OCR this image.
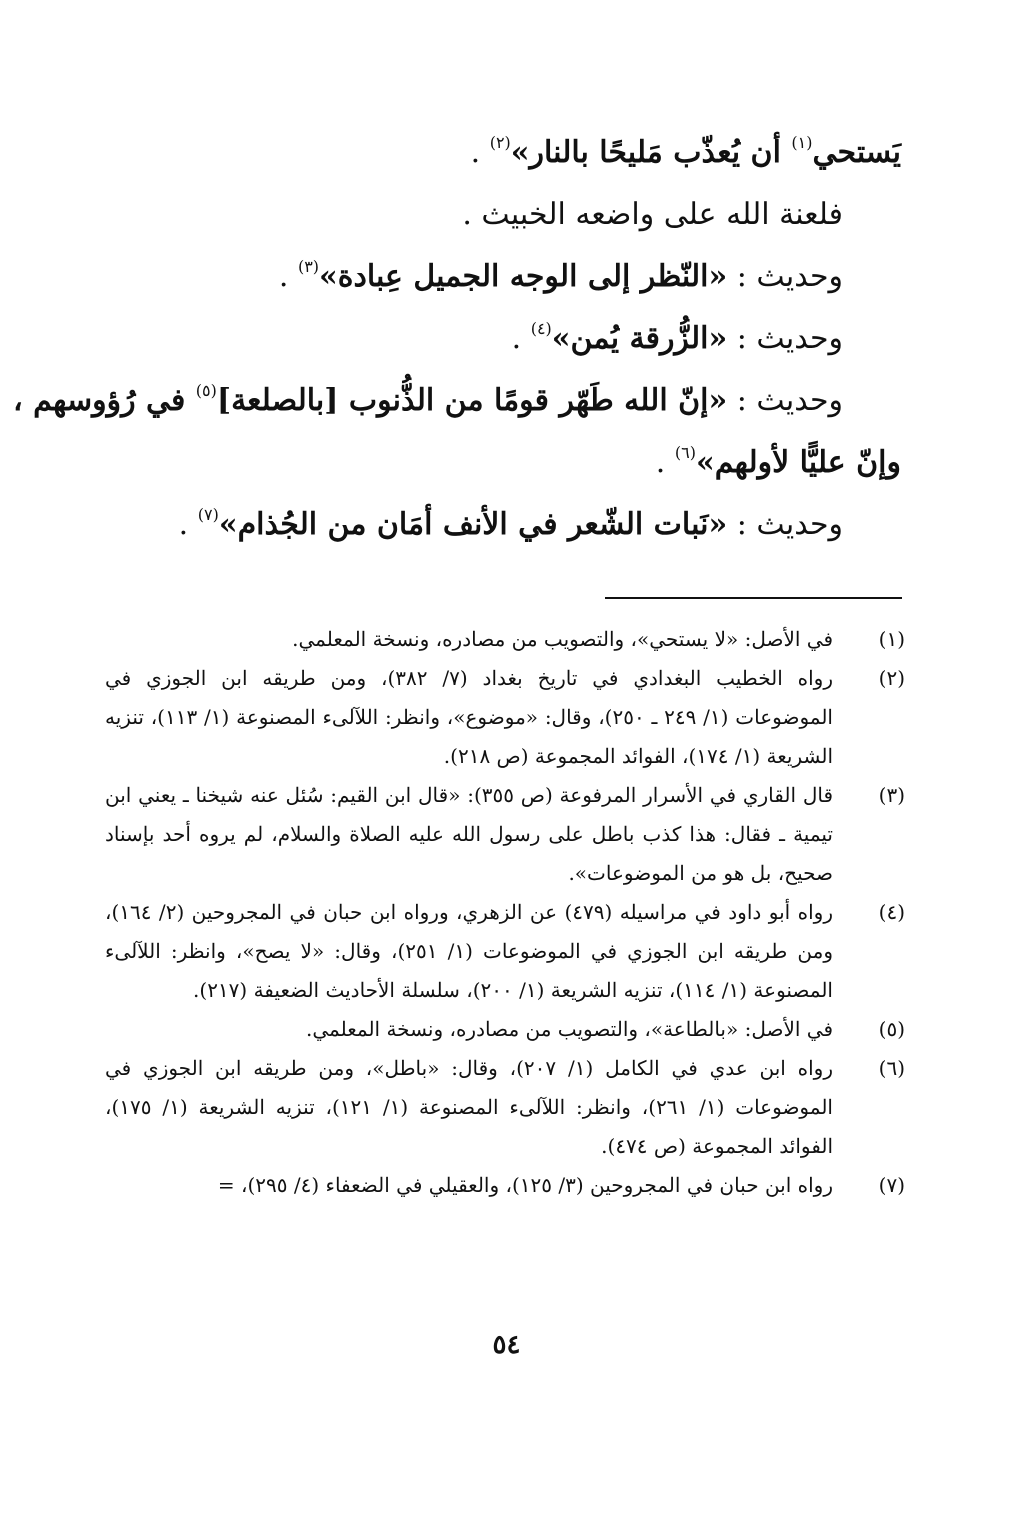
يَستحي$^{(١)}$ أن يُعذّب مَليحًا بالنار»$^{(٢)}$ .
فلعنة الله على واضعه الخبيث .
وحديث : «النّظر إلى الوجه الجميل عِبادة»$^{(٣)}$ .
وحديث : «الزُّرقة يُمن»$^{(٤)}$ .
وحديث : «إنّ الله طَهّر قومًا من الذُّنوب [بالصلعة]$^{(٥)}$ في رُؤوسهم ،
وإنّ عليًّا لأولهم»$^{(٦)}$ .
وحديث : «نَبات الشّعر في الأنف أمَان من الجُذام»$^{(٧)}$ .
(١)
في الأصل: «لا يستحي»، والتصويب من مصادره، ونسخة المعلمي.
(٢)
رواه الخطيب البغدادي في تاريخ بغداد (٧/ ٣٨٢)، ومن طريقه ابن الجوزي في الموضوعات (١/ ٢٤٩ ـ ٢٥٠)، وقال: «موضوع»، وانظر: اللآلىء المصنوعة (١/ ١١٣)، تنزيه الشريعة (١/ ١٧٤)، الفوائد المجموعة (ص ٢١٨).
(٣)
قال القاري في الأسرار المرفوعة (ص ٣٥٥): «قال ابن القيم: سُئل عنه شيخنا ـ يعني ابن تيمية ـ فقال: هذا كذب باطل على رسول الله عليه الصلاة والسلام، لم يروه أحد بإسناد صحيح، بل هو من الموضوعات».
(٤)
رواه أبو داود في مراسيله (٤٧٩) عن الزهري، ورواه ابن حبان في المجروحين (٢/ ١٦٤)، ومن طريقه ابن الجوزي في الموضوعات (١/ ٢٥١)، وقال: «لا يصح»، وانظر: اللآلىء المصنوعة (١/ ١١٤)، تنزيه الشريعة (١/ ٢٠٠)، سلسلة الأحاديث الضعيفة (٢١٧).
(٥)
في الأصل: «بالطاعة»، والتصويب من مصادره، ونسخة المعلمي.
(٦)
رواه ابن عدي في الكامل (١/ ٢٠٧)، وقال: «باطل»، ومن طريقه ابن الجوزي في الموضوعات (١/ ٢٦١)، وانظر: اللآلىء المصنوعة (١/ ١٢١)، تنزيه الشريعة (١/ ١٧٥)، الفوائد المجموعة (ص ٤٧٤).
(٧)
رواه ابن حبان في المجروحين (٣/ ١٢٥)، والعقيلي في الضعفاء (٤/ ٢٩٥)، =
٥٤
